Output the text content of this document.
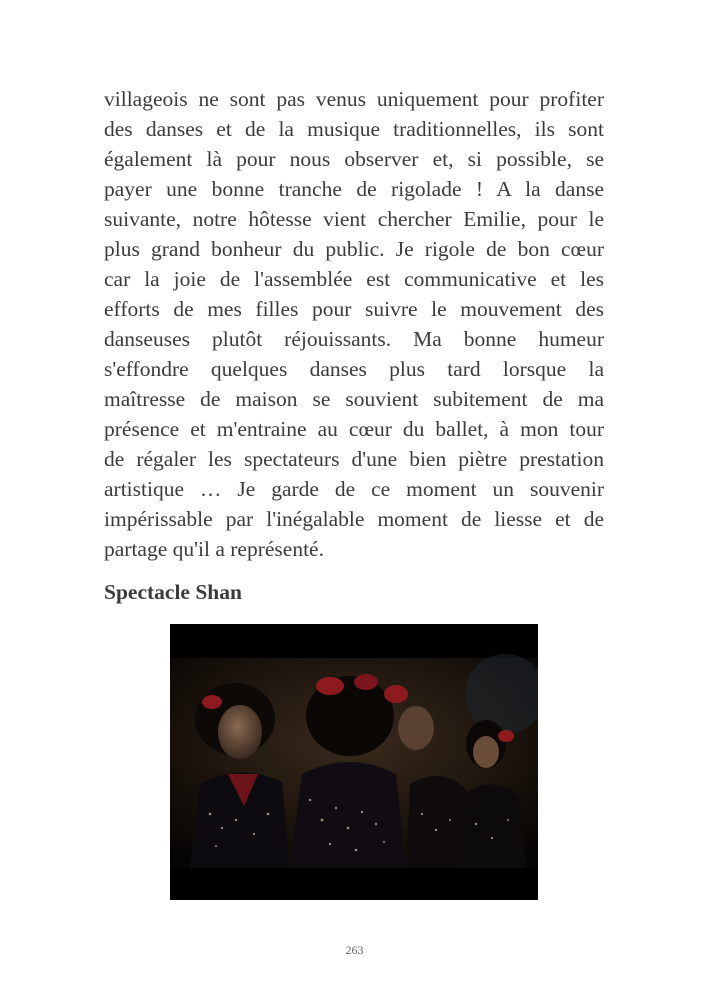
villageois ne sont pas venus uniquement pour profiter
des danses et de la musique traditionnelles, ils sont
également là pour nous observer et, si possible, se
payer une bonne tranche de rigolade ! A la danse
suivante, notre hôtesse vient chercher Emilie, pour le
plus grand bonheur du public. Je rigole de bon cœur
car la joie de l'assemblée est communicative et les
efforts de mes filles pour suivre le mouvement des
danseuses plutôt réjouissants. Ma bonne humeur
s'effondre quelques danses plus tard lorsque la
maîtresse de maison se souvient subitement de ma
présence et m'entraine au cœur du ballet, à mon tour
de régaler les spectateurs d'une bien piètre prestation
artistique … Je garde de ce moment un souvenir
impérissable par l'inégalable moment de liesse et de
partage qu'il a représenté.
Spectacle Shan
263
